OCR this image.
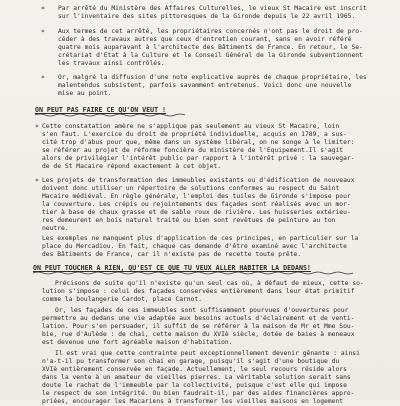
* Par arrêté du Ministère des Affaires Culturelles, le vieux St Macaire est inscrit
sur l'inventaire des sites pittoresques de la Gironde depuis le 22 avril 1965.
* Aux termes de cet arrêté, les propriétaires concernés n'ont pas le droit de pro-
céder à des travaux autres que ceux d'entretien courant, sans en avoir référé
quatre mois auparavant à l'architecte des Bâtiments de France. En retour, le Se-
crétariat d'Etat à la Culture et le Conseil Général de la Gironde subventionnent
les travaux ainsi contrôlés.
* Or, malgré la diffusion d'une note explicative auprès de chaque propriétaire, les
malentendus subsistent, parfois savamment entretenus. Voici donc une nouvelle
mise au point.
ON PEUT PAS FAIRE CE QU'ON VEUT !
* Cette constatation amère ne s'applique pas seulement au vieux St Macaire, loin
s'en faut. L'exercice du droit de propriété individuelle, acquis en 1789, a sus-
cité trop d'abus pour que, même dans un système libéral, on ne songe à le limiter:
se référer au projet de réforme foncière du ministère de l'Equipement.Il s'agit
alors de privilégier l'intérêt public par rapport à l'intérêt privé : la sauvegar-
de de St Macaire répond exactement à cet objet.
* Les projets de transformation des immeubles existants ou d'édification de nouveaux
doivent donc utiliser un répertoire de solutions conformes au respect du Saint
Macaire médiéval. En règle générale, l'emploi des tuiles de Gironde s'impose pour
la couverture. Les crépis ou rejointements des façades sont réalisés avec un mor-
tier à base de chaux grasse et de sable roux de rivière. Les huisseries extérieu-
res demeurent en bois naturel traité ou bien sont revêtues de peinture au ton
neutre.
Les exemples ne manquent plus d'application de ces principes, en particulier sur la
place du Mercadiou. En fait, chaque cas demande d'être examiné avec l'architecte
des Bâtiments de France, car il n'existe pas de recette toute prête.
ON PEUT TOUCHER A RIEN, QU'EST CE QUE TU VEUX ALLER HABITER LA DEDANS!
Précisons de suite qu'il n'existe qu'un seul cas où, à défaut de mieux, cette so-
lution s'impose : celui des façades conservées entièrement dans leur état primitif
comme la boulangerie Cardot, place Carnot.
Or, les façades de ces immeubles sont suffisamment pourvues d'ouvertures pour
permettre au dedans une vie adaptée aux besoins actuels d'éclairement et de venti-
lation. Pour s'en persuader, il suffit de se référer à la maison de Mr et Mme Sou-
bie, rue d'Aulède : de chai, cette maison du XVIè siècle, dotée de baies à meneaux
est devenue une fort agréable maison d'habitation.
Il est vrai que cette contrainte peut exceptionnellement devenir gênante : ainsi
n'a-t-il pu transformer son chai en garage, puisqu'il s'agit d'une boutique du
XVIè entièrement conservée en façade. Actuellement, le seul recours réside alors
dans la vente à un amateur de vieilles pierres. La véritable solution serait sans
doute le rachat de l'immeuble par la collectivité, puisque c'est elle qui impose
le respect de son intégrité. Ou bien faudrait-il, par des aides financières appro-
priées, encourager les Macariens à transformer les vieilles maisons en logement
